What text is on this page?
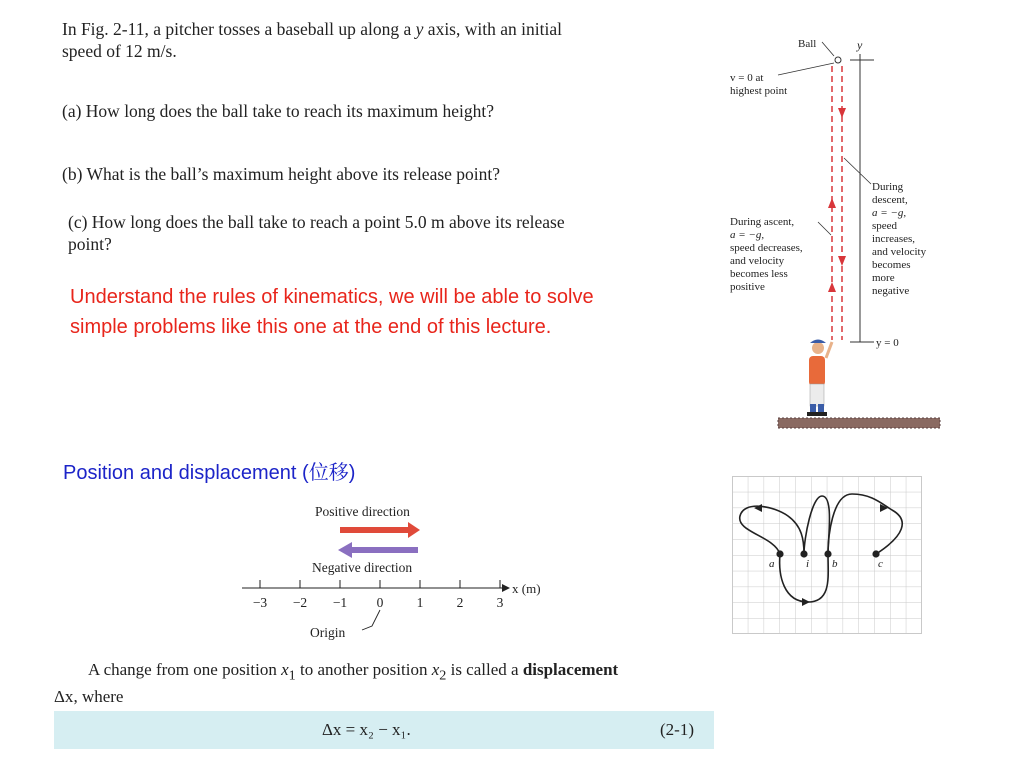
In Fig. 2-11, a pitcher tosses a baseball up along a y axis, with an initial speed of 12 m/s.
(a) How long does the ball take to reach its maximum height?
(b) What is the ball’s maximum height above its release point?
(c) How long does the ball take to reach a point 5.0 m above its release point?
Understand the rules of kinematics, we will be able to solve simple problems like this one at the end of this lecture.
Position and displacement (位移)
Ball	y
v = 0 at
highest point
During ascent,
a = −g,
speed decreases,
and velocity
becomes less
positive
During
descent,
a = −g,
speed
increases,
and velocity
becomes
more
negative
y = 0
Positive direction
Negative direction
x (m)
−3 −2 −1 0 1 2 3
Origin
a	i b	c
A change from one position $x_1$ to another position $x_2$ is called a displacement
Δx, where
Δx = x₂ − x₁.	(2-1)
